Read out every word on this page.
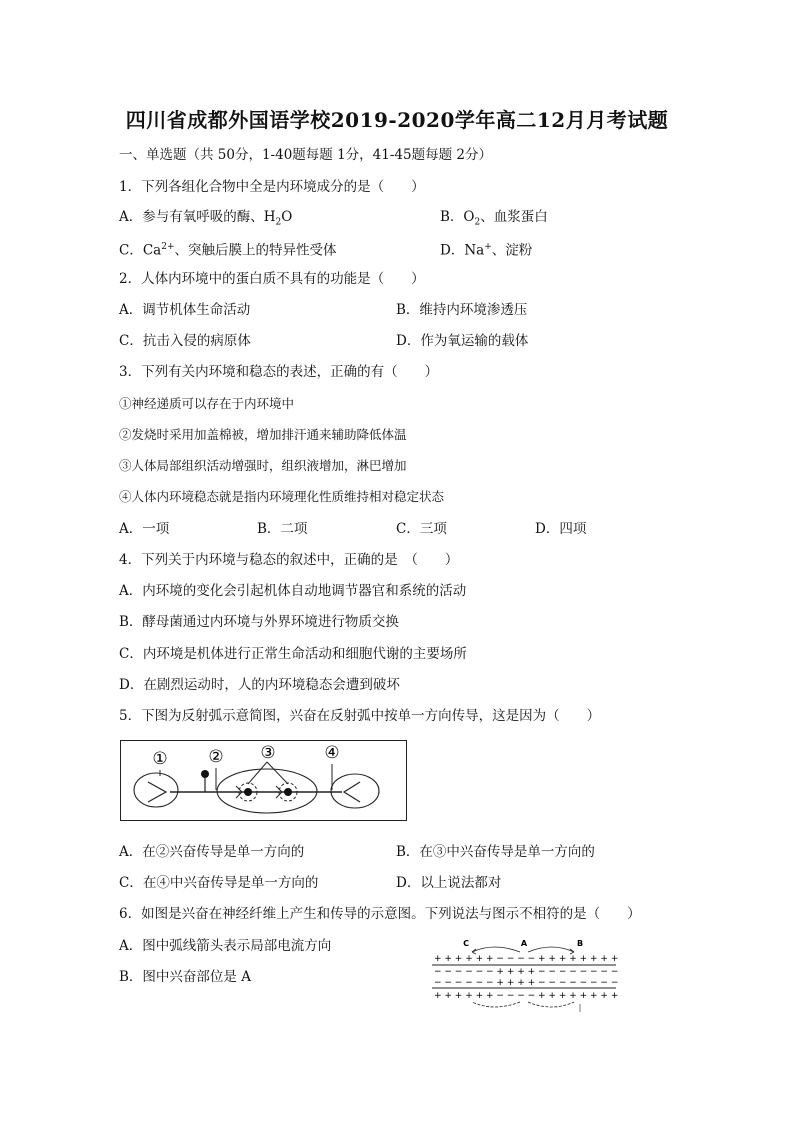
四川省成都外国语学校2019-2020学年高二12月月考试题
一、单选题（共 50分，1-40题每题 1分，41-45题每题 2分）
1．下列各组化合物中全是内环境成分的是（　　）
A．参与有氧呼吸的酶、$H_2O$	B．$O_2$、血浆蛋白
C．$Ca^{2+}$、突触后膜上的特异性受体	D．Na+、淀粉
2．人体内环境中的蛋白质不具有的功能是（　　）
A．调节机体生命活动	B．维持内环境渗透压
C．抗击入侵的病原体	D．作为氧运输的载体
3．下列有关内环境和稳态的表述，正确的有（　　）
①神经递质可以存在于内环境中
②发烧时采用加盖棉被，增加排汗通来辅助降低体温
③人体局部组织活动增强时，组织液增加，淋巴增加
④人体内环境稳态就是指内环境理化性质维持相对稳定状态
A．一项	B．二项	C．三项	D．四项
4．下列关于内环境与稳态的叙述中，正确的是　（　　）
A．内环境的变化会引起机体自动地调节器官和系统的活动
B．酵母菌通过内环境与外界环境进行物质交换
C．内环境是机体进行正常生命活动和细胞代谢的主要场所
D．在剧烈运动时，人的内环境稳态会遭到破坏
5．下图为反射弧示意简图，兴奋在反射弧中按单一方向传导，这是因为（　　）
① ② ③	④
A．在②兴奋传导是单一方向的	B．在③中兴奋传导是单一方向的
C．在④中兴奋传导是单一方向的	D．以上说法都对
6．如图是兴奋在神经纤维上产生和传导的示意图。下列说法与图示不相符的是（　　）
A．图中弧线箭头表示局部电流方向
B．图中兴奋部位是 A
C	A	B
+ + + + + + − − − − + + + + + + + +
− − − − − − + + + + − − − − − − − −
− − − − − − + + + + − − − − − − − −
+ + + + + + − − − − + + + + + + + +
